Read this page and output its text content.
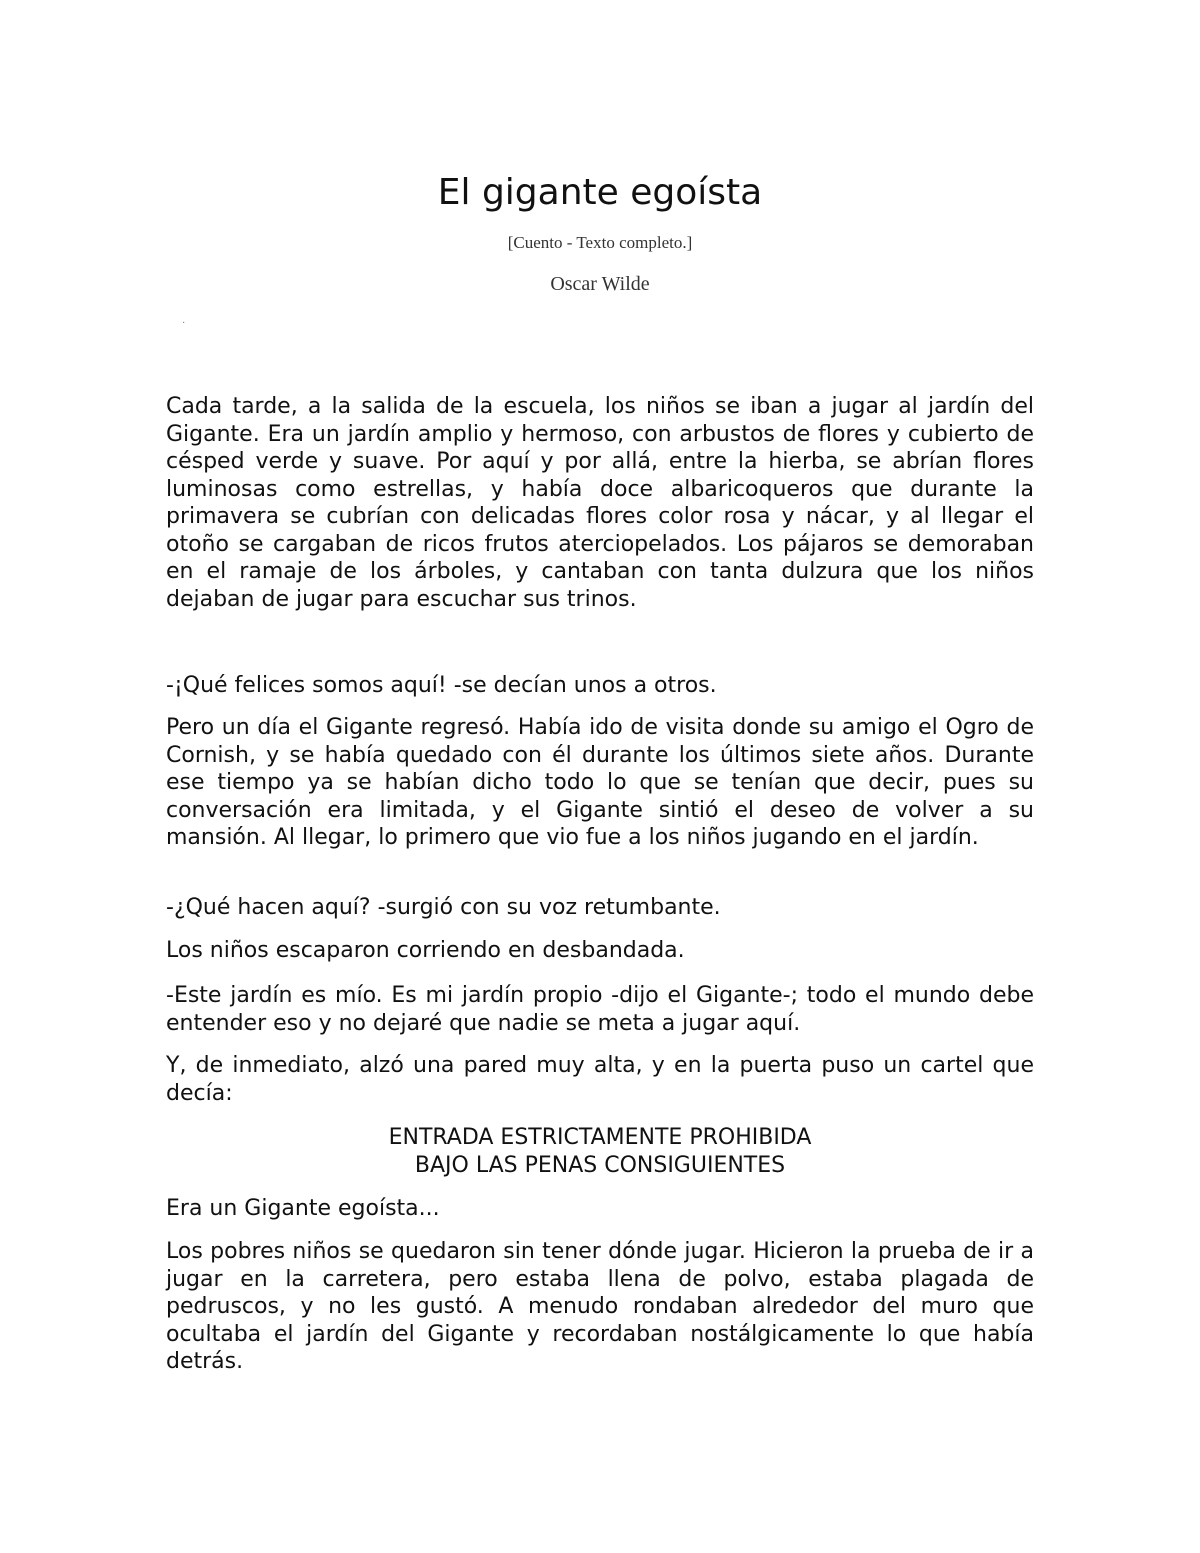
El gigante egoísta
[Cuento - Texto completo.]
Oscar Wilde
·

Cada tarde, a la salida de la escuela, los niños se iban a jugar al jardín del Gigante. Era un jardín amplio y hermoso, con arbustos de flores y cubierto de césped verde y suave. Por aquí y por allá, entre la hierba, se abrían flores luminosas como estrellas, y había doce albaricoqueros que durante la primavera se cubrían con delicadas flores color rosa y nácar, y al llegar el otoño se cargaban de ricos frutos aterciopelados. Los pájaros se demoraban en el ramaje de los árboles, y cantaban con tanta dulzura que los niños dejaban de jugar para escuchar sus trinos.

-¡Qué felices somos aquí! -se decían unos a otros.

Pero un día el Gigante regresó. Había ido de visita donde su amigo el Ogro de Cornish, y se había quedado con él durante los últimos siete años. Durante ese tiempo ya se habían dicho todo lo que se tenían que decir, pues su conversación era limitada, y el Gigante sintió el deseo de volver a su mansión. Al llegar, lo primero que vio fue a los niños jugando en el jardín.

-¿Qué hacen aquí? -surgió con su voz retumbante.

Los niños escaparon corriendo en desbandada.

-Este jardín es mío. Es mi jardín propio -dijo el Gigante-; todo el mundo debe entender eso y no dejaré que nadie se meta a jugar aquí.

Y, de inmediato, alzó una pared muy alta, y en la puerta puso un cartel que decía:

ENTRADA ESTRICTAMENTE PROHIBIDA
BAJO LAS PENAS CONSIGUIENTES

Era un Gigante egoísta...

Los pobres niños se quedaron sin tener dónde jugar. Hicieron la prueba de ir a jugar en la carretera, pero estaba llena de polvo, estaba plagada de pedruscos, y no les gustó. A menudo rondaban alrededor del muro que ocultaba el jardín del Gigante y recordaban nostálgicamente lo que había detrás.
